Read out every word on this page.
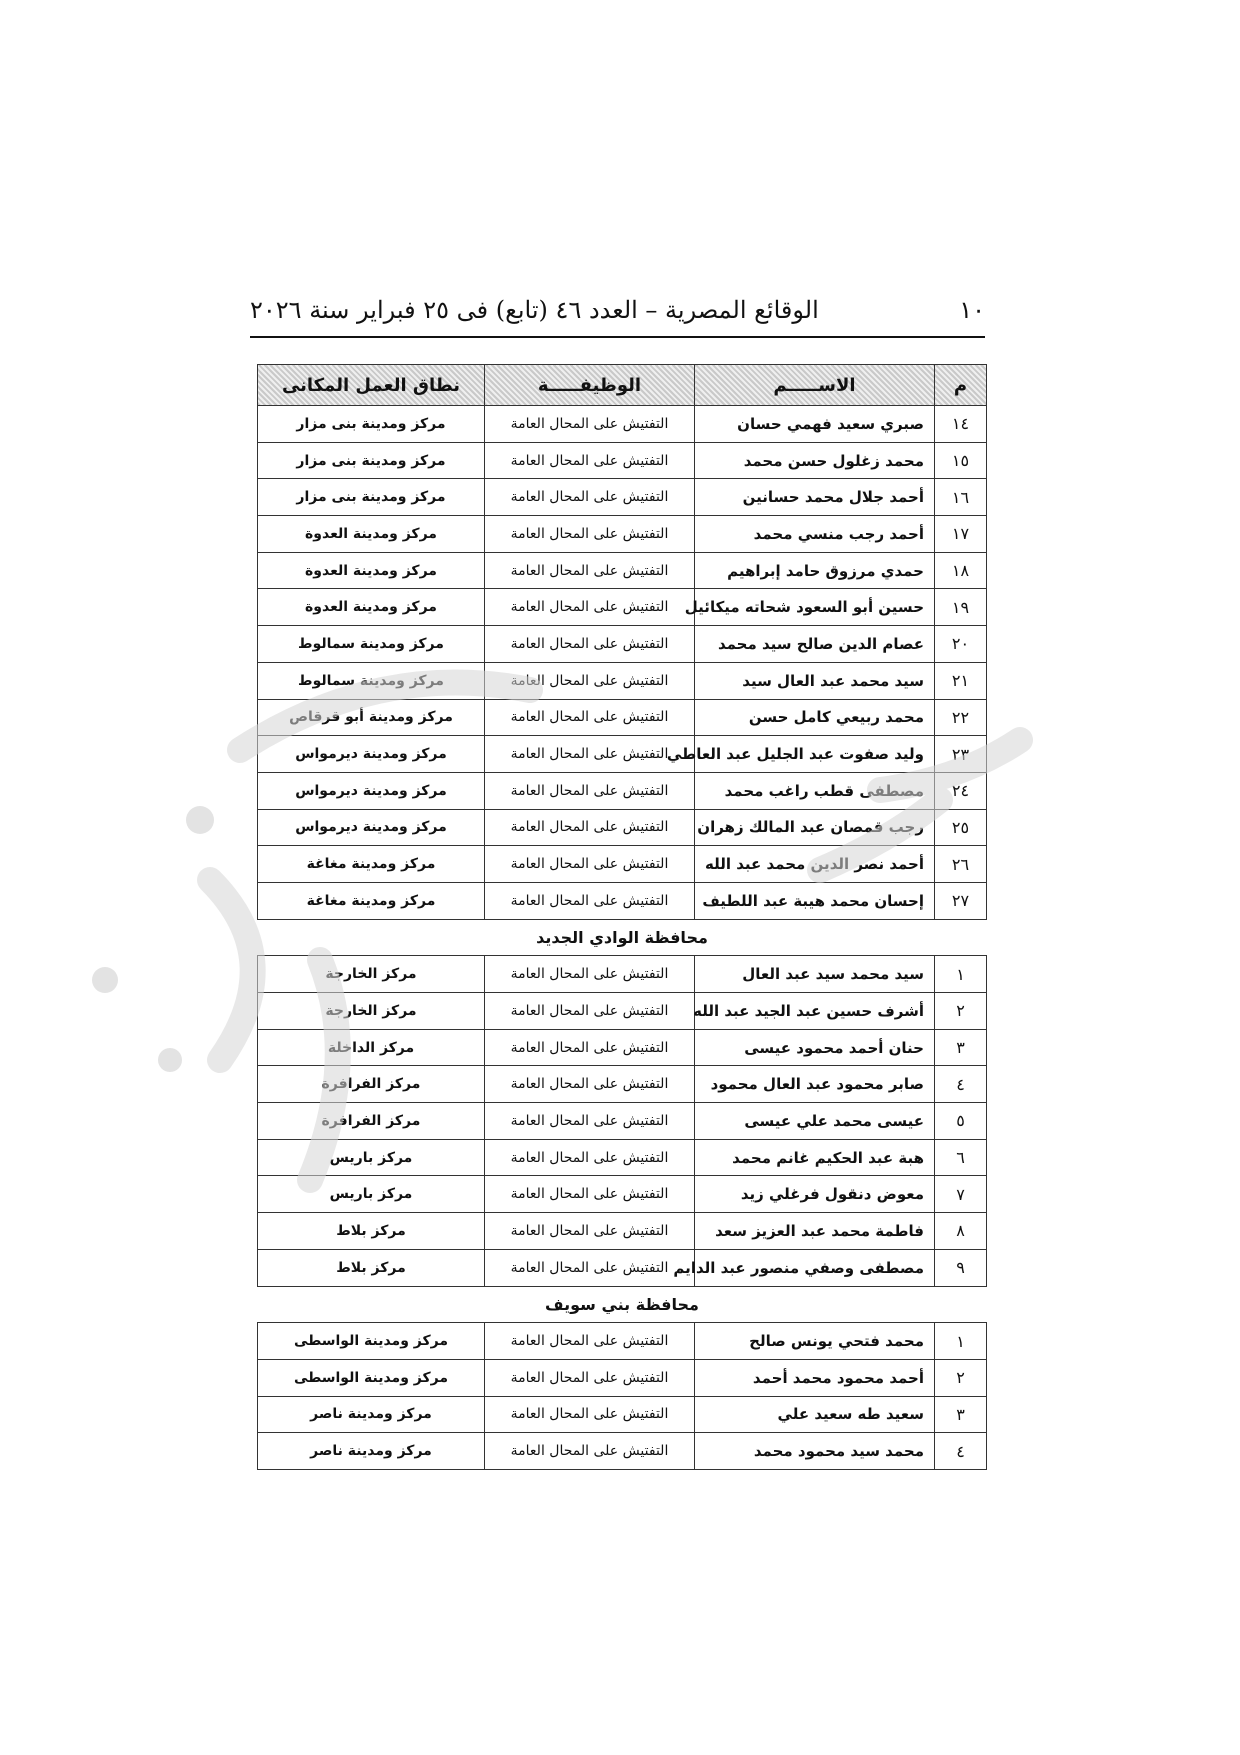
١٠
الوقائع المصرية – العدد ٤٦ (تابع) فى ٢٥ فبراير سنة ٢٠٢٦
م	الاســـــم	الوظيفـــــة	نطاق العمل المكانى
١٤	صبري سعيد فهمي حسان	التفتيش على المحال العامة	مركز ومدينة بنى مزار
١٥	محمد زغلول حسن محمد	التفتيش على المحال العامة	مركز ومدينة بنى مزار
١٦	أحمد جلال محمد حسانين	التفتيش على المحال العامة	مركز ومدينة بنى مزار
١٧	أحمد رجب منسي محمد	التفتيش على المحال العامة	مركز ومدينة العدوة
١٨	حمدي مرزوق حامد إبراهيم	التفتيش على المحال العامة	مركز ومدينة العدوة
١٩	حسين أبو السعود شحاته ميكائيل	التفتيش على المحال العامة	مركز ومدينة العدوة
٢٠	عصام الدين صالح سيد محمد	التفتيش على المحال العامة	مركز ومدينة سمالوط
٢١	سيد محمد عبد العال سيد	التفتيش على المحال العامة	مركز ومدينة سمالوط
٢٢	محمد ربيعي كامل حسن	التفتيش على المحال العامة	مركز ومدينة أبو قرقاص
٢٣	وليد صفوت عبد الجليل عبد العاطي	التفتيش على المحال العامة	مركز ومدينة ديرمواس
٢٤	مصطفى قطب راغب محمد	التفتيش على المحال العامة	مركز ومدينة ديرمواس
٢٥	رجب قمصان عبد المالك زهران	التفتيش على المحال العامة	مركز ومدينة ديرمواس
٢٦	أحمد نصر الدين محمد عبد الله	التفتيش على المحال العامة	مركز ومدينة مغاغة
٢٧	إحسان محمد هيبة عبد اللطيف	التفتيش على المحال العامة	مركز ومدينة مغاغة
محافظة الوادي الجديد			
١	سيد محمد سيد عبد العال	التفتيش على المحال العامة	مركز الخارجة
٢	أشرف حسين عبد الجيد عبد الله	التفتيش على المحال العامة	مركز الخارجة
٣	حنان أحمد محمود عيسى	التفتيش على المحال العامة	مركز الداخلة
٤	صابر محمود عبد العال محمود	التفتيش على المحال العامة	مركز الفرافرة
٥	عيسى محمد علي عيسى	التفتيش على المحال العامة	مركز الفرافرة
٦	هبة عبد الحكيم غانم محمد	التفتيش على المحال العامة	مركز باريس
٧	معوض دنقول فرغلي زيد	التفتيش على المحال العامة	مركز باريس
٨	فاطمة محمد عبد العزيز سعد	التفتيش على المحال العامة	مركز بلاط
٩	مصطفى وصفي منصور عبد الدايم	التفتيش على المحال العامة	مركز بلاط
محافظة بني سويف			
١	محمد فتحي يونس صالح	التفتيش على المحال العامة	مركز ومدينة الواسطى
٢	أحمد محمود محمد أحمد	التفتيش على المحال العامة	مركز ومدينة الواسطى
٣	سعيد طه سعيد علي	التفتيش على المحال العامة	مركز ومدينة ناصر
٤	محمد سيد محمود محمد	التفتيش على المحال العامة	مركز ومدينة ناصر
